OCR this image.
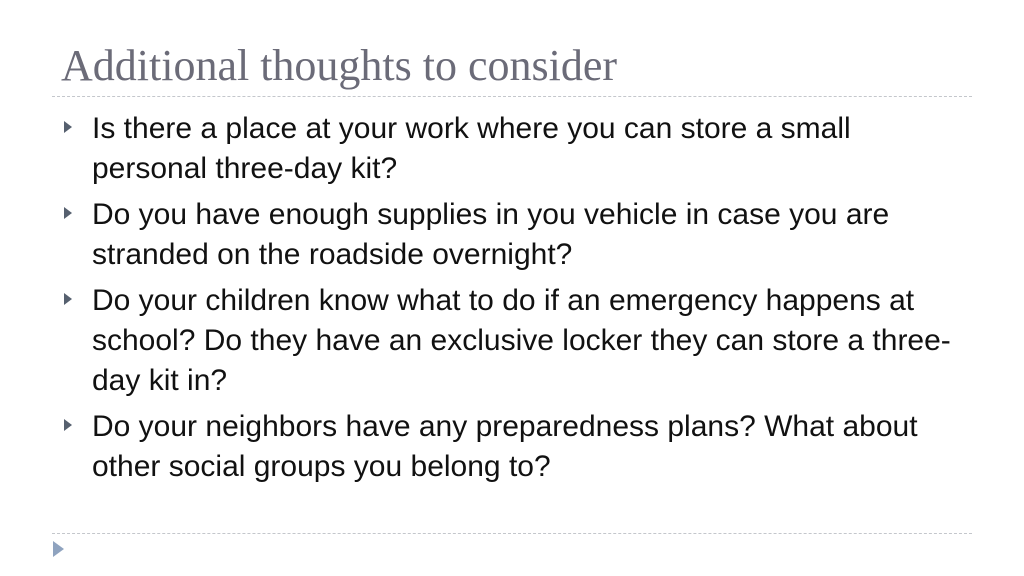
Additional thoughts to consider
Is there a place at your work where you can store a small personal three-day kit?
Do you have enough supplies in you vehicle in case you are stranded on the roadside overnight?
Do your children know what to do if an emergency happens at school? Do they have an exclusive locker they can store a three-day kit in?
Do your neighbors have any preparedness plans? What about other social groups you belong to?
